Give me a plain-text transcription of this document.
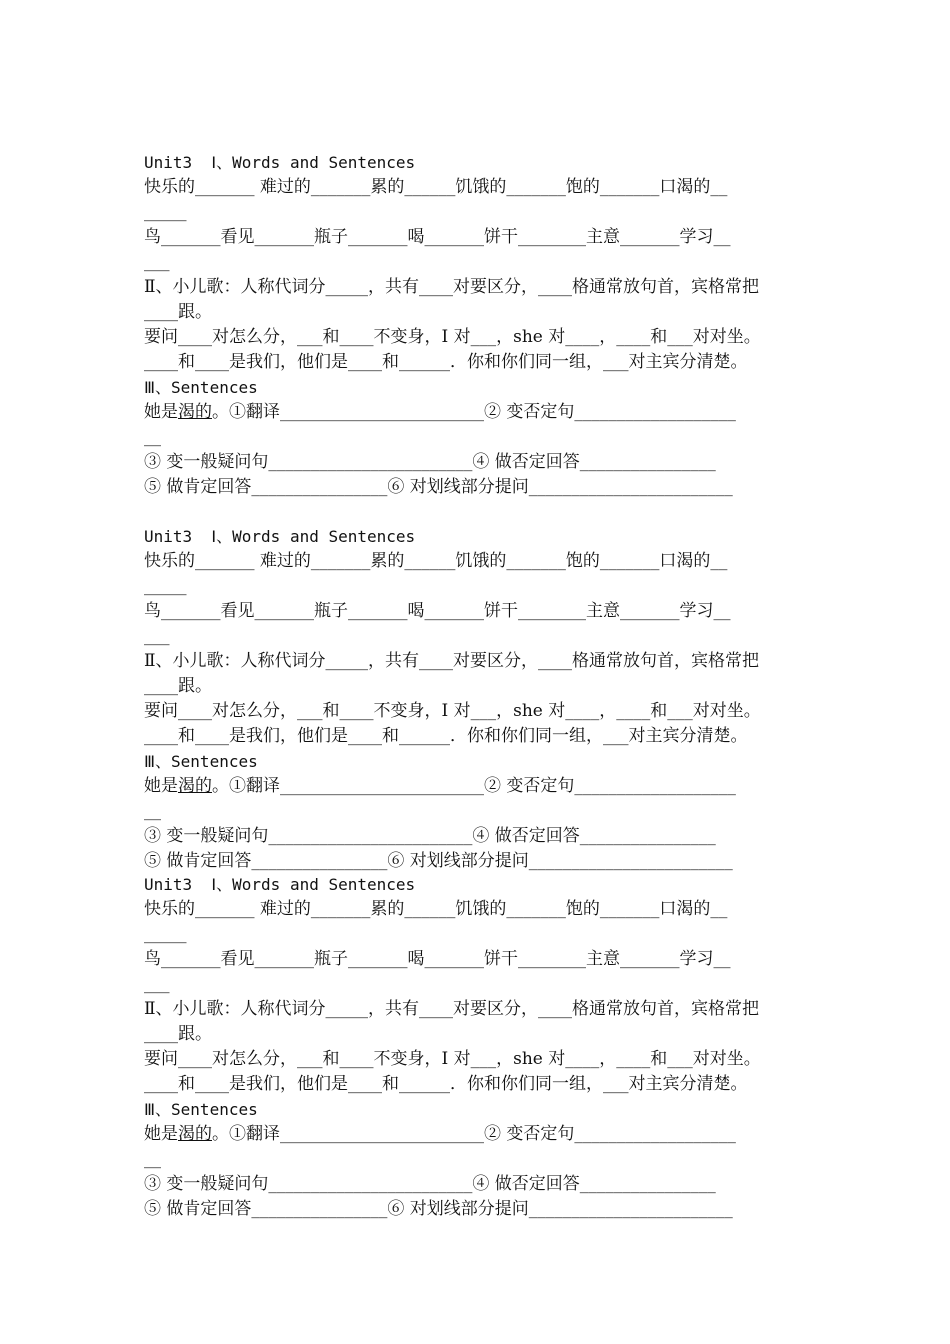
Unit3  Ⅰ、Words and Sentences
快乐的_______ 难过的_______累的______饥饿的_______饱的_______口渴的__
_____
鸟_______看见_______瓶子_______喝_______饼干________主意_______学习__
___
Ⅱ、小儿歌：人称代词分_____，共有____对要区分，____格通常放句首，宾格常把
____跟。
要问____对怎么分，___和____不变身，I 对___，she 对____，____和___对对坐。
____和____是我们，他们是____和______．你和你们同一组，___对主宾分清楚。
Ⅲ、Sentences
她是渴的。①翻译________________________② 变否定句___________________
__
③ 变一般疑问句________________________④ 做否定回答________________
⑤ 做肯定回答________________⑥ 对划线部分提问________________________
Unit3  Ⅰ、Words and Sentences
快乐的_______ 难过的_______累的______饥饿的_______饱的_______口渴的__
_____
鸟_______看见_______瓶子_______喝_______饼干________主意_______学习__
___
Ⅱ、小儿歌：人称代词分_____，共有____对要区分，____格通常放句首，宾格常把
____跟。
要问____对怎么分，___和____不变身，I 对___，she 对____，____和___对对坐。
____和____是我们，他们是____和______．你和你们同一组，___对主宾分清楚。
Ⅲ、Sentences
她是渴的。①翻译________________________② 变否定句___________________
__
③ 变一般疑问句________________________④ 做否定回答________________
⑤ 做肯定回答________________⑥ 对划线部分提问________________________
Unit3  Ⅰ、Words and Sentences
快乐的_______ 难过的_______累的______饥饿的_______饱的_______口渴的__
_____
鸟_______看见_______瓶子_______喝_______饼干________主意_______学习__
___
Ⅱ、小儿歌：人称代词分_____，共有____对要区分，____格通常放句首，宾格常把
____跟。
要问____对怎么分，___和____不变身，I 对___，she 对____，____和___对对坐。
____和____是我们，他们是____和______．你和你们同一组，___对主宾分清楚。
Ⅲ、Sentences
她是渴的。①翻译________________________② 变否定句___________________
__
③ 变一般疑问句________________________④ 做否定回答________________
⑤ 做肯定回答________________⑥ 对划线部分提问________________________
